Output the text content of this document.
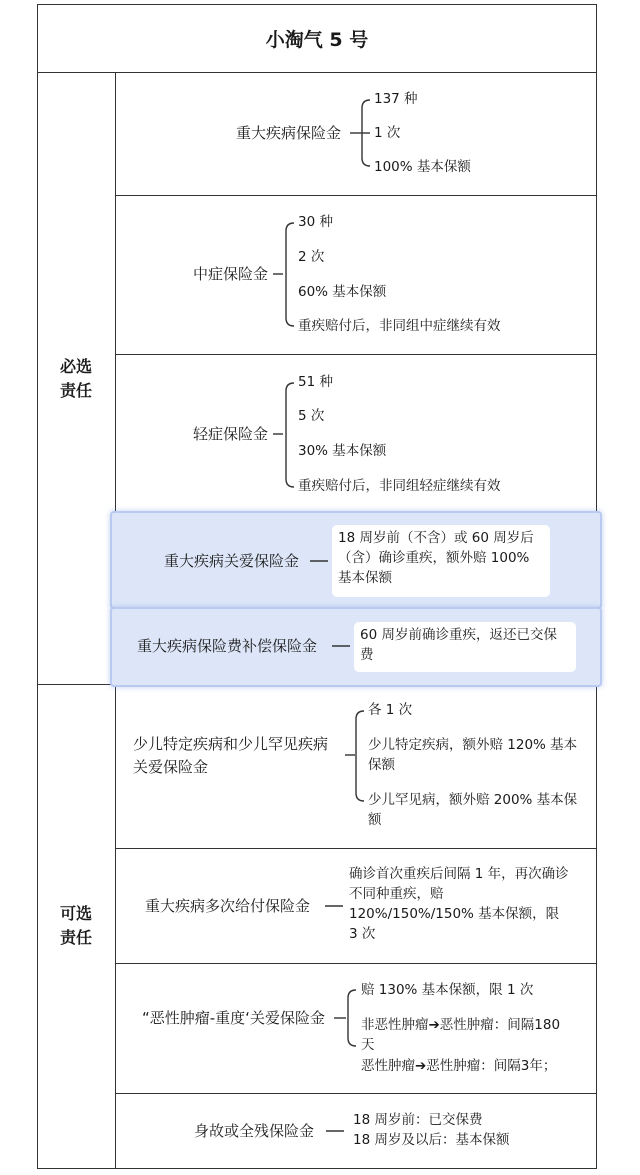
小淘气 5 号
必选
责任
可选
责任
重大疾病保险金
137 种
1 次
100% 基本保额
中症保险金
30 种
2 次
60% 基本保额
重疾赔付后，非同组中症继续有效
轻症保险金
51 种
5 次
30% 基本保额
重疾赔付后，非同组轻症继续有效
重大疾病关爱保险金
18 周岁前（不含）或 60 周岁后（含）确诊重疾，额外赔 100% 基本保额
重大疾病保险费补偿保险金
60 周岁前确诊重疾，返还已交保费
少儿特定疾病和少儿罕见疾病
关爱保险金
各 1 次
少儿特定疾病，额外赔 120% 基本保额
少儿罕见病，额外赔 200% 基本保额
重大疾病多次给付保险金
确诊首次重疾后间隔 1 年，再次确诊不同种重疾，赔 120%/150%/150% 基本保额，限 3 次
“恶性肿瘤-重度‘关爱保险金
赔 130% 基本保额，限 1 次
非恶性肿瘤➔恶性肿瘤：间隔180天
恶性肿瘤➔恶性肿瘤：间隔3年；
身故或全残保险金
18 周岁前：已交保费
18 周岁及以后：基本保额
